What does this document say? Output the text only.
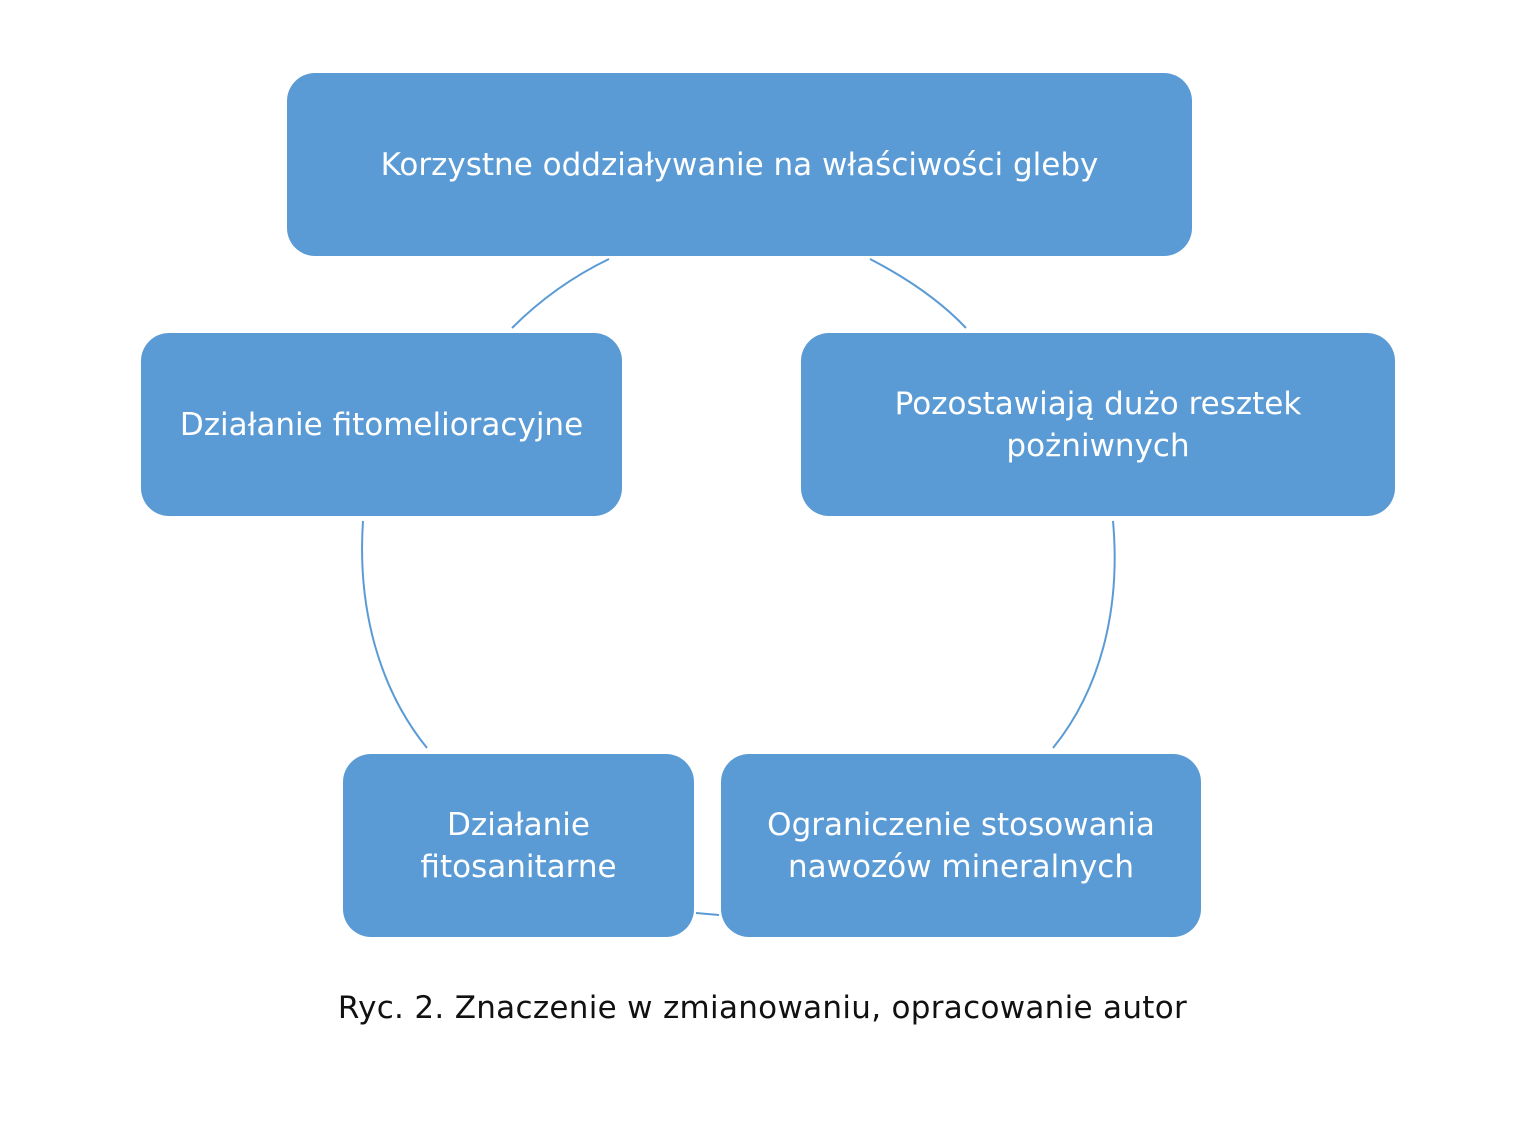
Korzystne oddziaływanie na właściwości gleby
Pozostawiają dużo resztek pożniwnych
Ograniczenie stosowania nawozów mineralnych
Działanie fitosanitarne
Działanie fitomelioracyjne
Ryc. 2. Znaczenie w zmianowaniu, opracowanie autor
